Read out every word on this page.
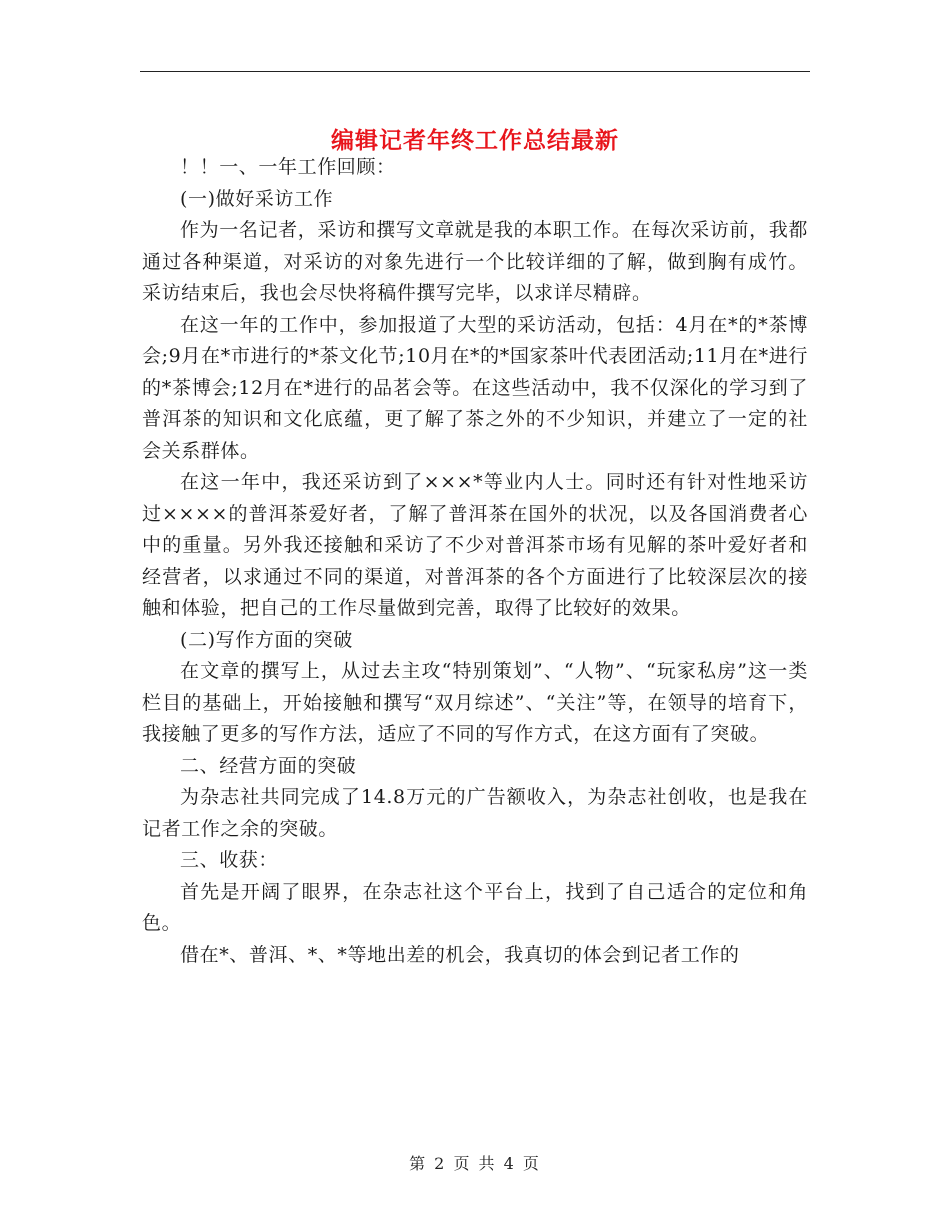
编辑记者年终工作总结最新

！！一、一年工作回顾：

(一)做好采访工作

作为一名记者，采访和撰写文章就是我的本职工作。在每次采访前，我都通过各种渠道，对采访的对象先进行一个比较详细的了解，做到胸有成竹。采访结束后，我也会尽快将稿件撰写完毕，以求详尽精辟。

在这一年的工作中，参加报道了大型的采访活动，包括：4月在*的*茶博会;9月在*市进行的*茶文化节;10月在*的*国家茶叶代表团活动;11月在*进行的*茶博会;12月在*进行的品茗会等。在这些活动中，我不仅深化的学习到了普洱茶的知识和文化底蕴，更了解了茶之外的不少知识，并建立了一定的社会关系群体。

在这一年中，我还采访到了×××*等业内人士。同时还有针对性地采访过××××的普洱茶爱好者，了解了普洱茶在国外的状况，以及各国消费者心中的重量。另外我还接触和采访了不少对普洱茶市场有见解的茶叶爱好者和经营者，以求通过不同的渠道，对普洱茶的各个方面进行了比较深层次的接触和体验，把自己的工作尽量做到完善，取得了比较好的效果。

(二)写作方面的突破

在文章的撰写上，从过去主攻“特别策划”、“人物”、“玩家私房”这一类栏目的基础上，开始接触和撰写“双月综述”、“关注”等，在领导的培育下，我接触了更多的写作方法，适应了不同的写作方式，在这方面有了突破。

二、经营方面的突破

为杂志社共同完成了14.8万元的广告额收入，为杂志社创收，也是我在记者工作之余的突破。

三、收获：

首先是开阔了眼界，在杂志社这个平台上，找到了自己适合的定位和角色。

借在*、普洱、*、*等地出差的机会，我真切的体会到记者工作的

第 2 页 共 4 页
